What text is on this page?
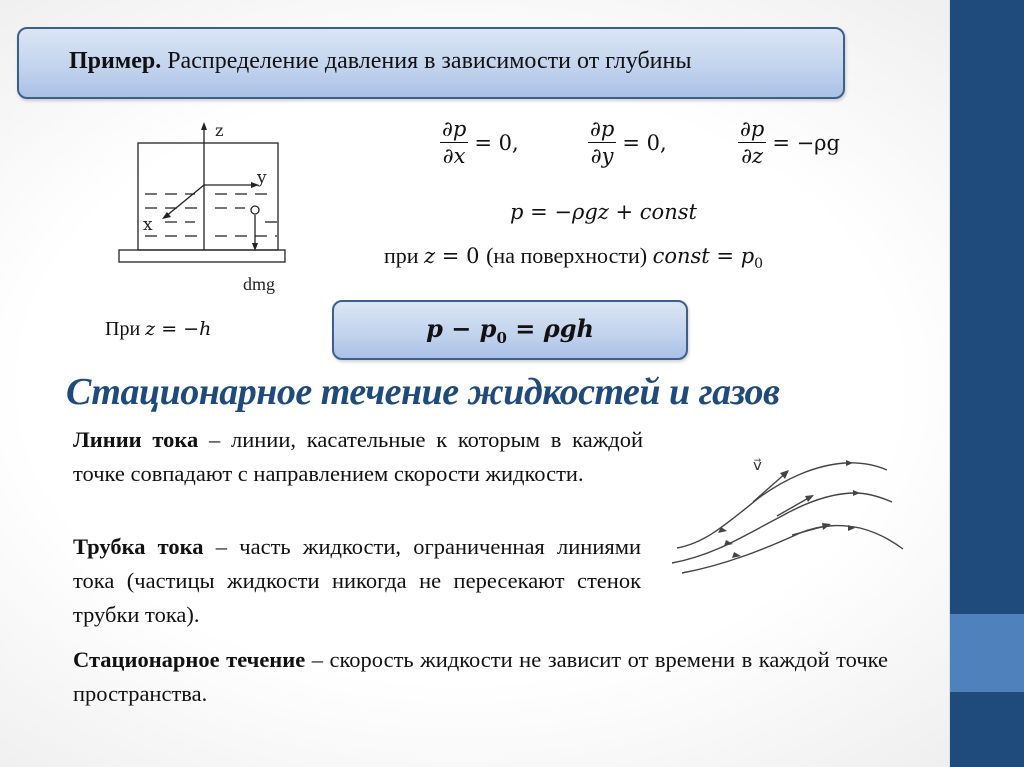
Пример. Распределение давления в зависимости от глубины
z
y
x
dmg
$\frac{\partial p}{\partial x} = 0$,	$\frac{\partial p}{\partial y} = 0$,	$\frac{\partial p}{\partial z} = -\rho g$
p = −ρgz + const
при z = 0 (на поверхности) const = $p_0$
При z = −h	$p - p_0 = \rho gh$
Стационарное течение жидкостей и газов
Линии тока – линии, касательные к которым в каждой точке совпадают с направлением скорости жидкости.
Трубка тока – часть жидкости, ограниченная линиями тока (частицы жидкости никогда не пересекают стенок трубки тока).
Стационарное течение – скорость жидкости не зависит от времени в каждой точке пространства.
v⃗
